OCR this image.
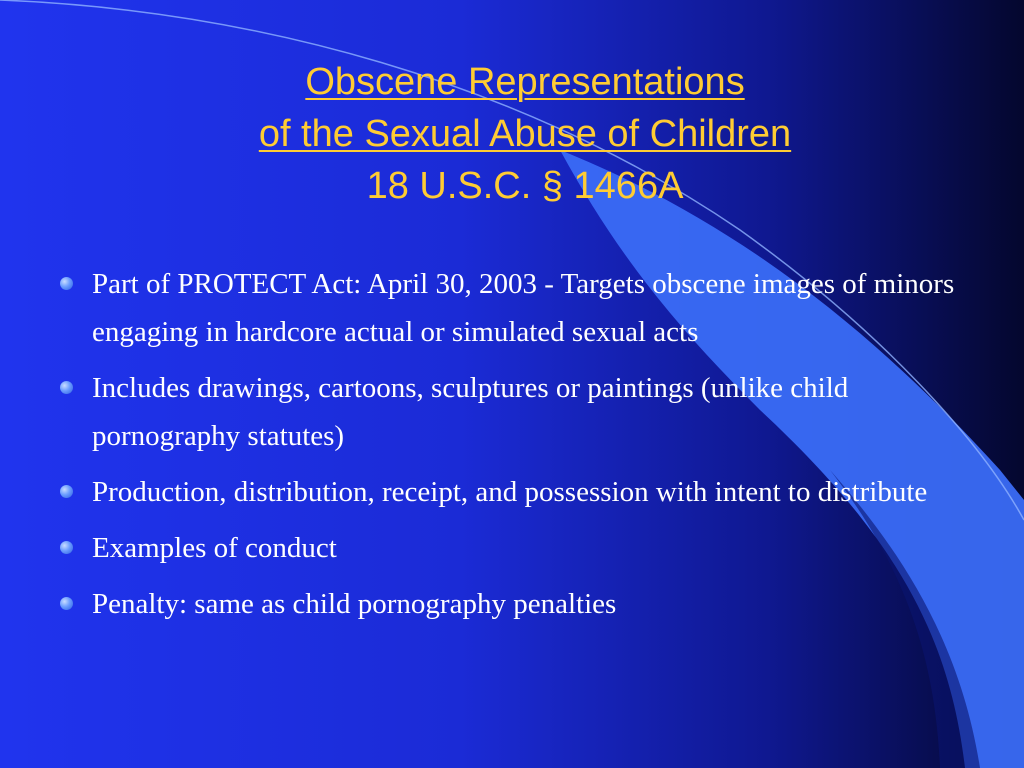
Obscene Representations
of the Sexual Abuse of Children
18 U.S.C. § 1466A
Part of PROTECT Act: April 30, 2003 - Targets obscene images of minors engaging in hardcore actual or simulated sexual acts
Includes drawings, cartoons, sculptures or paintings (unlike child pornography statutes)
Production, distribution, receipt, and possession with intent to distribute
Examples of conduct
Penalty: same as child pornography penalties
